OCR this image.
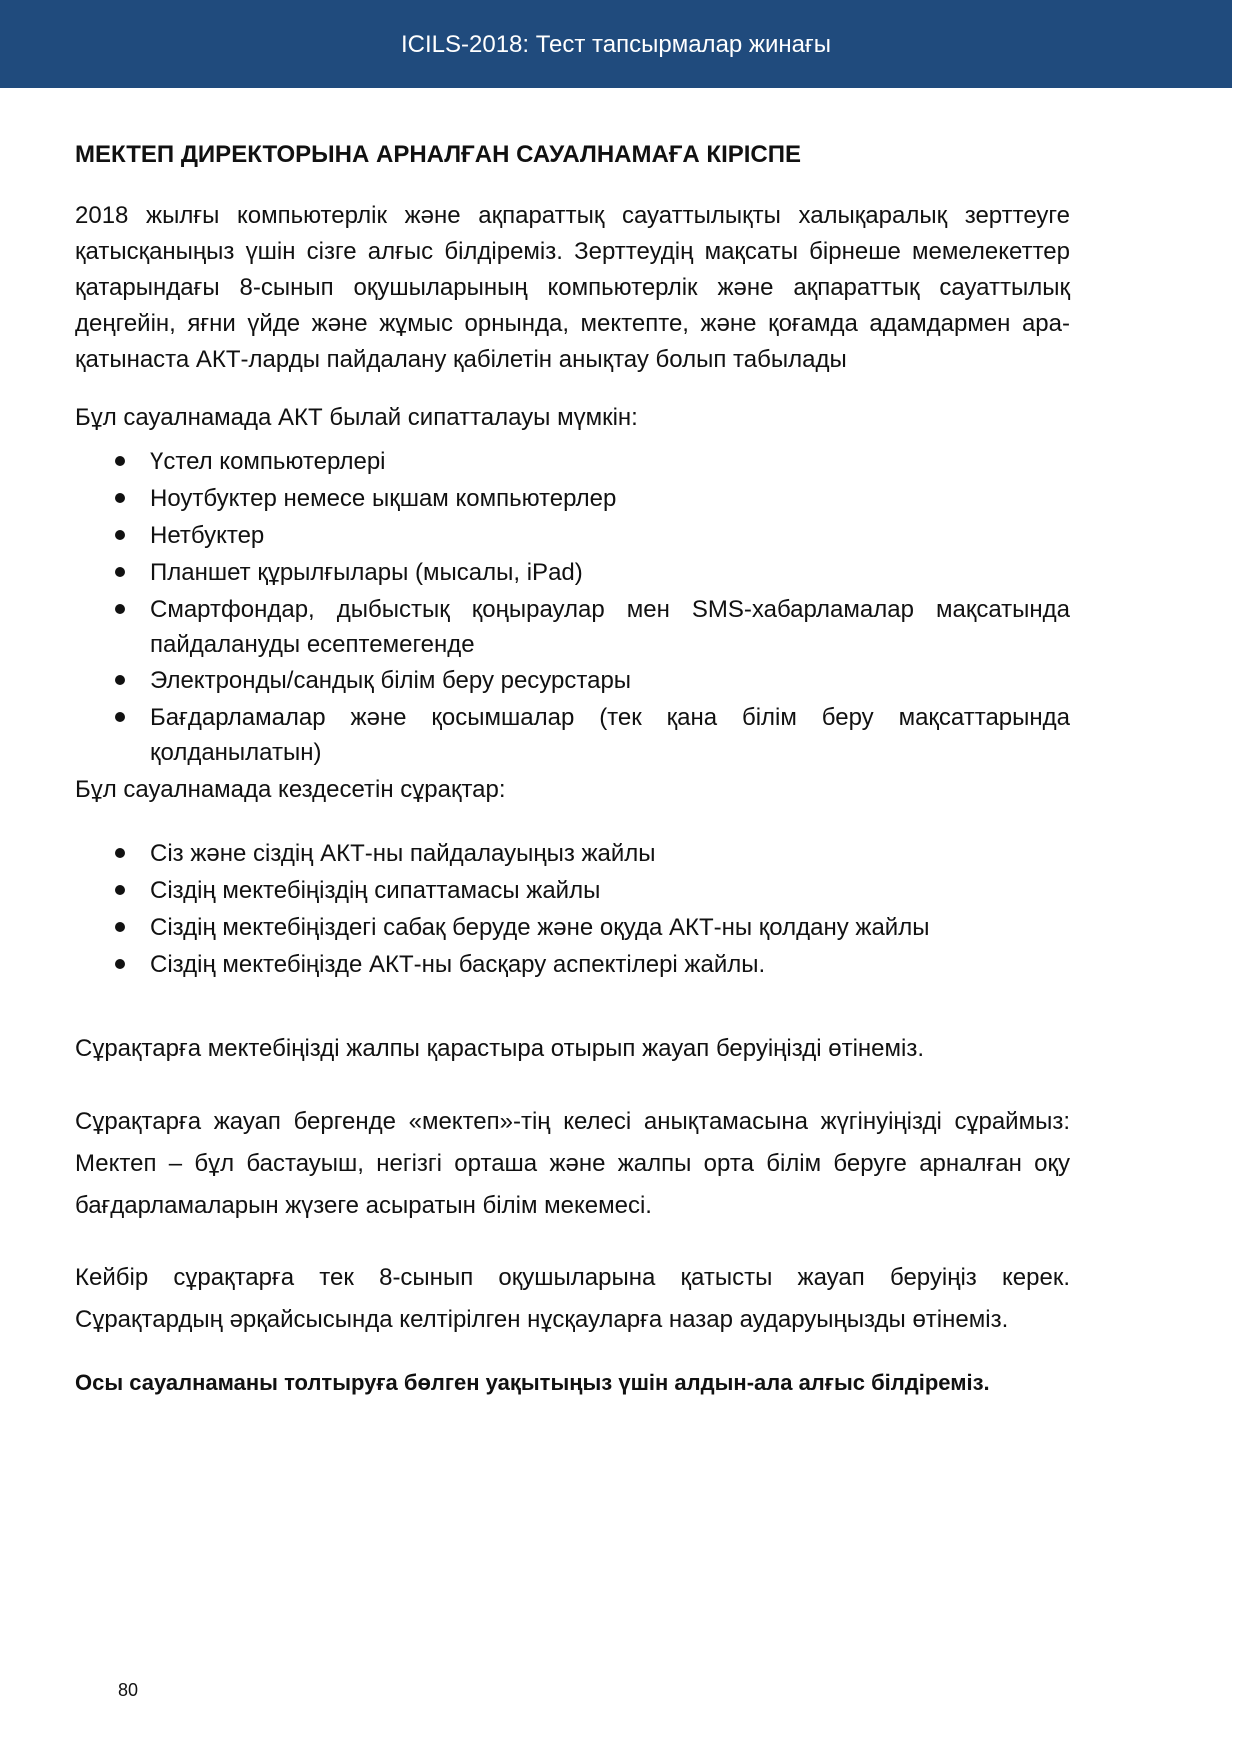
ICILS-2018: Тест тапсырмалар жинағы
МЕКТЕП ДИРЕКТОРЫНА АРНАЛҒАН САУАЛНАМАҒА КІРІСПЕ

2018 жылғы компьютерлік және ақпараттық сауаттылықты халықаралық зерттеуге қатысқаныңыз үшін сізге алғыс білдіреміз. Зерттеудің мақсаты бірнеше мемелекеттер қатарындағы 8-сынып оқушыларының компьютерлік және ақпараттық сауаттылық деңгейін, яғни үйде және жұмыс орнында, мектепте, және қоғамда адамдармен ара-қатынаста АКТ-ларды пайдалану қабілетін анықтау болып табылады

Бұл сауалнамада АКТ былай сипатталауы мүмкін:

Үстел компьютерлері
Ноутбуктер немесе ықшам компьютерлер
Нетбуктер
Планшет құрылғылары (мысалы, iPad)
Смартфондар, дыбыстық қоңыраулар мен SMS-хабарламалар мақсатында пайдалануды есептемегенде
Электронды/сандық білім беру ресурстары
Бағдарламалар және қосымшалар (тек қана білім беру мақсаттарында қолданылатын)

Бұл сауалнамада кездесетін сұрақтар:

Сіз және сіздің АКТ-ны пайдалауыңыз жайлы
Сіздің мектебіңіздің сипаттамасы жайлы
Сіздің мектебіңіздегі сабақ беруде және оқуда АКТ-ны қолдану жайлы
Сіздің мектебіңізде АКТ-ны басқару аспектілері жайлы.

Сұрақтарға мектебіңізді жалпы қарастыра отырып жауап беруіңізді өтінеміз.

Сұрақтарға жауап бергенде «мектеп»-тің келесі анықтамасына жүгінуіңізді сұраймыз: Мектеп – бұл бастауыш, негізгі орташа және жалпы орта білім беруге арналған оқу бағдарламаларын жүзеге асыратын білім мекемесі.

Кейбір сұрақтарға тек 8-сынып оқушыларына қатысты жауап беруіңіз керек. Сұрақтардың әрқайсысында келтірілген нұсқауларға назар аударуыңызды өтінеміз.

Осы сауалнаманы толтыруға бөлген уақытыңыз үшін алдын-ала алғыс білдіреміз.

80
